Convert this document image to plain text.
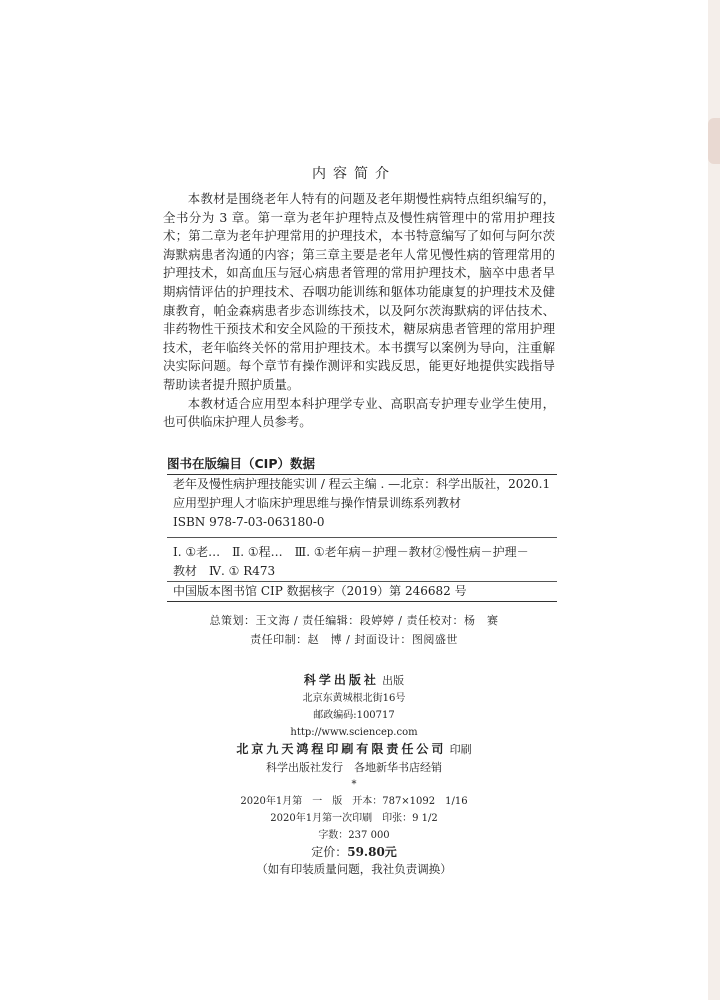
内容简介

本教材是围绕老年人特有的问题及老年期慢性病特点组织编写的，全书分为 3 章。第一章为老年护理特点及慢性病管理中的常用护理技术；第二章为老年护理常用的护理技术，本书特意编写了如何与阿尔茨海默病患者沟通的内容；第三章主要是老年人常见慢性病的管理常用的护理技术，如高血压与冠心病患者管理的常用护理技术，脑卒中患者早期病情评估的护理技术、吞咽功能训练和躯体功能康复的护理技术及健康教育，帕金森病患者步态训练技术，以及阿尔茨海默病的评估技术、非药物性干预技术和安全风险的干预技术，糖尿病患者管理的常用护理技术，老年临终关怀的常用护理技术。本书撰写以案例为导向，注重解决实际问题。每个章节有操作测评和实践反思，能更好地提供实践指导帮助读者提升照护质量。

本教材适合应用型本科护理学专业、高职高专护理专业学生使用，也可供临床护理人员参考。

图书在版编目（CIP）数据
老年及慢性病护理技能实训 / 程云主编 . —北京：科学出版社，2020.1
应用型护理人才临床护理思维与操作情景训练系列教材
ISBN 978-7-03-063180-0
Ⅰ. ①老…　Ⅱ. ①程…　Ⅲ. ①老年病－护理－教材②慢性病－护理－
教材　Ⅳ. ① R473
中国版本图书馆 CIP 数据核字（2019）第 246682 号
总策划：王文海 / 责任编辑：段婷婷 / 责任校对：杨　赛
责任印制：赵　博 / 封面设计：图阅盛世
科学出版社 出版
北京东黄城根北街16号
邮政编码:100717
http://www.sciencep.com
北京九天鸿程印刷有限责任公司 印刷
科学出版社发行　各地新华书店经销
*
2020年1月第　一　版　开本：787×1092　1/16
2020年1月第一次印刷　印张：9 1/2
字数：237 000
定价：59.80元
（如有印装质量问题，我社负责调换）
